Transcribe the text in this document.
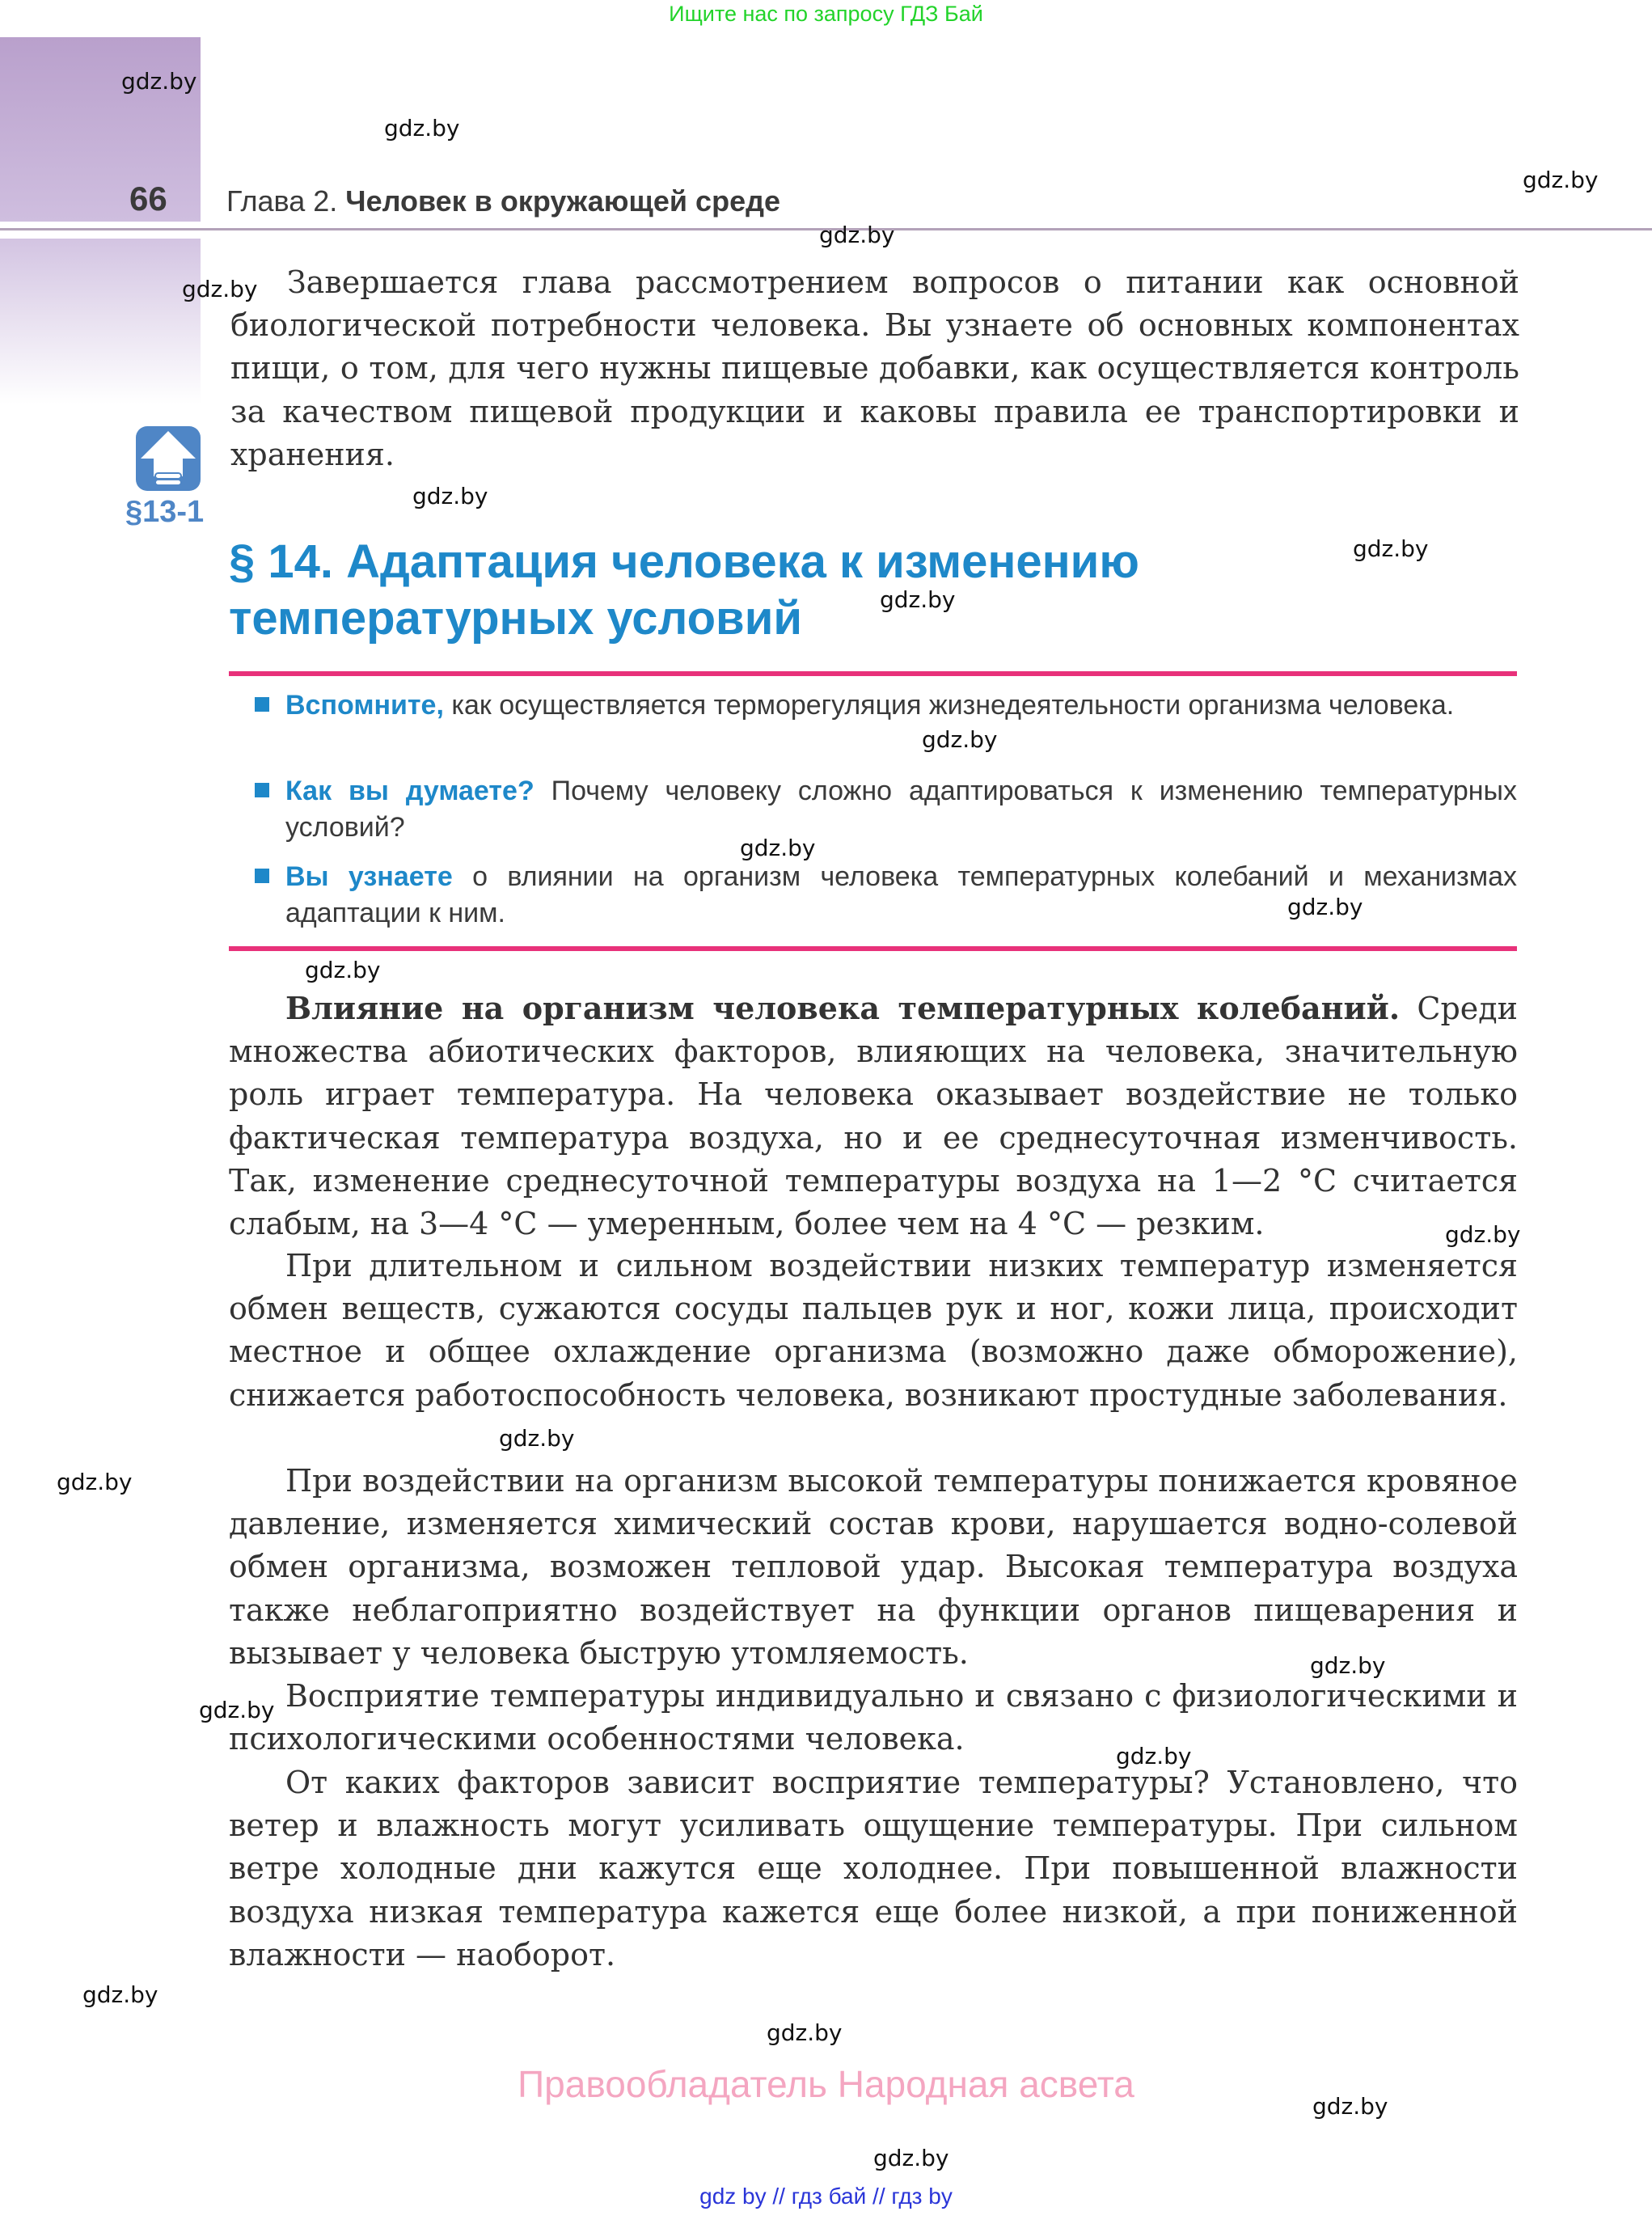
Ищите нас по запросу ГДЗ Бай
66 Глава 2. Человек в окружающей среде
Завершается глава рассмотрением вопросов о питании как основной биологической потребности человека. Вы узнаете об основных компонентах пищи, о том, для чего нужны пищевые добавки, как осуществляется контроль за качеством пищевой продукции и каковы правила ее транспортировки и хранения.
§13-1
§ 14. Адаптация человека к изменению
температурных условий
Вспомните, как осуществляется терморегуляция жизнедеятельности организма человека.
Как вы думаете? Почему человеку сложно адаптироваться к изменению температурных условий?
Вы узнаете о влиянии на организм человека температурных колебаний и механизмах адаптации к ним.
Влияние на организм человека температурных колебаний. Среди множества абиотических факторов, влияющих на человека, значительную роль играет температура. На человека оказывает воздействие не только фактическая температура воздуха, но и ее среднесуточная изменчивость. Так, изменение среднесуточной температуры воздуха на 1—2 °C считается слабым, на 3—4 °C — умеренным, более чем на 4 °C — резким.
При длительном и сильном воздействии низких температур изменяется обмен веществ, сужаются сосуды пальцев рук и ног, кожи лица, происходит местное и общее охлаждение организма (возможно даже обморожение), снижается работоспособность человека, возникают простудные заболевания.
При воздействии на организм высокой температуры понижается кровяное давление, изменяется химический состав крови, нарушается водно-солевой обмен организма, возможен тепловой удар. Высокая температура воздуха также неблагоприятно воздействует на функции органов пищеварения и вызывает у человека быструю утомляемость.
Восприятие температуры индивидуально и связано с физиологическими и психологическими особенностями человека.
От каких факторов зависит восприятие температуры? Установлено, что ветер и влажность могут усиливать ощущение температуры. При сильном ветре холодные дни кажутся еще холоднее. При повышенной влажности воздуха низкая температура кажется еще более низкой, а при пониженной влажности — наоборот.
Правообладатель Народная асвета
gdz by // гдз бай // гдз by
gdz.by
gdz.by
gdz.by
gdz.by
gdz.by
gdz.by
gdz.by
gdz.by
gdz.by
gdz.by
gdz.by
gdz.by
gdz.by
gdz.by
gdz.by
gdz.by
gdz.by
gdz.by
gdz.by
gdz.by
gdz.by
gdz.by
